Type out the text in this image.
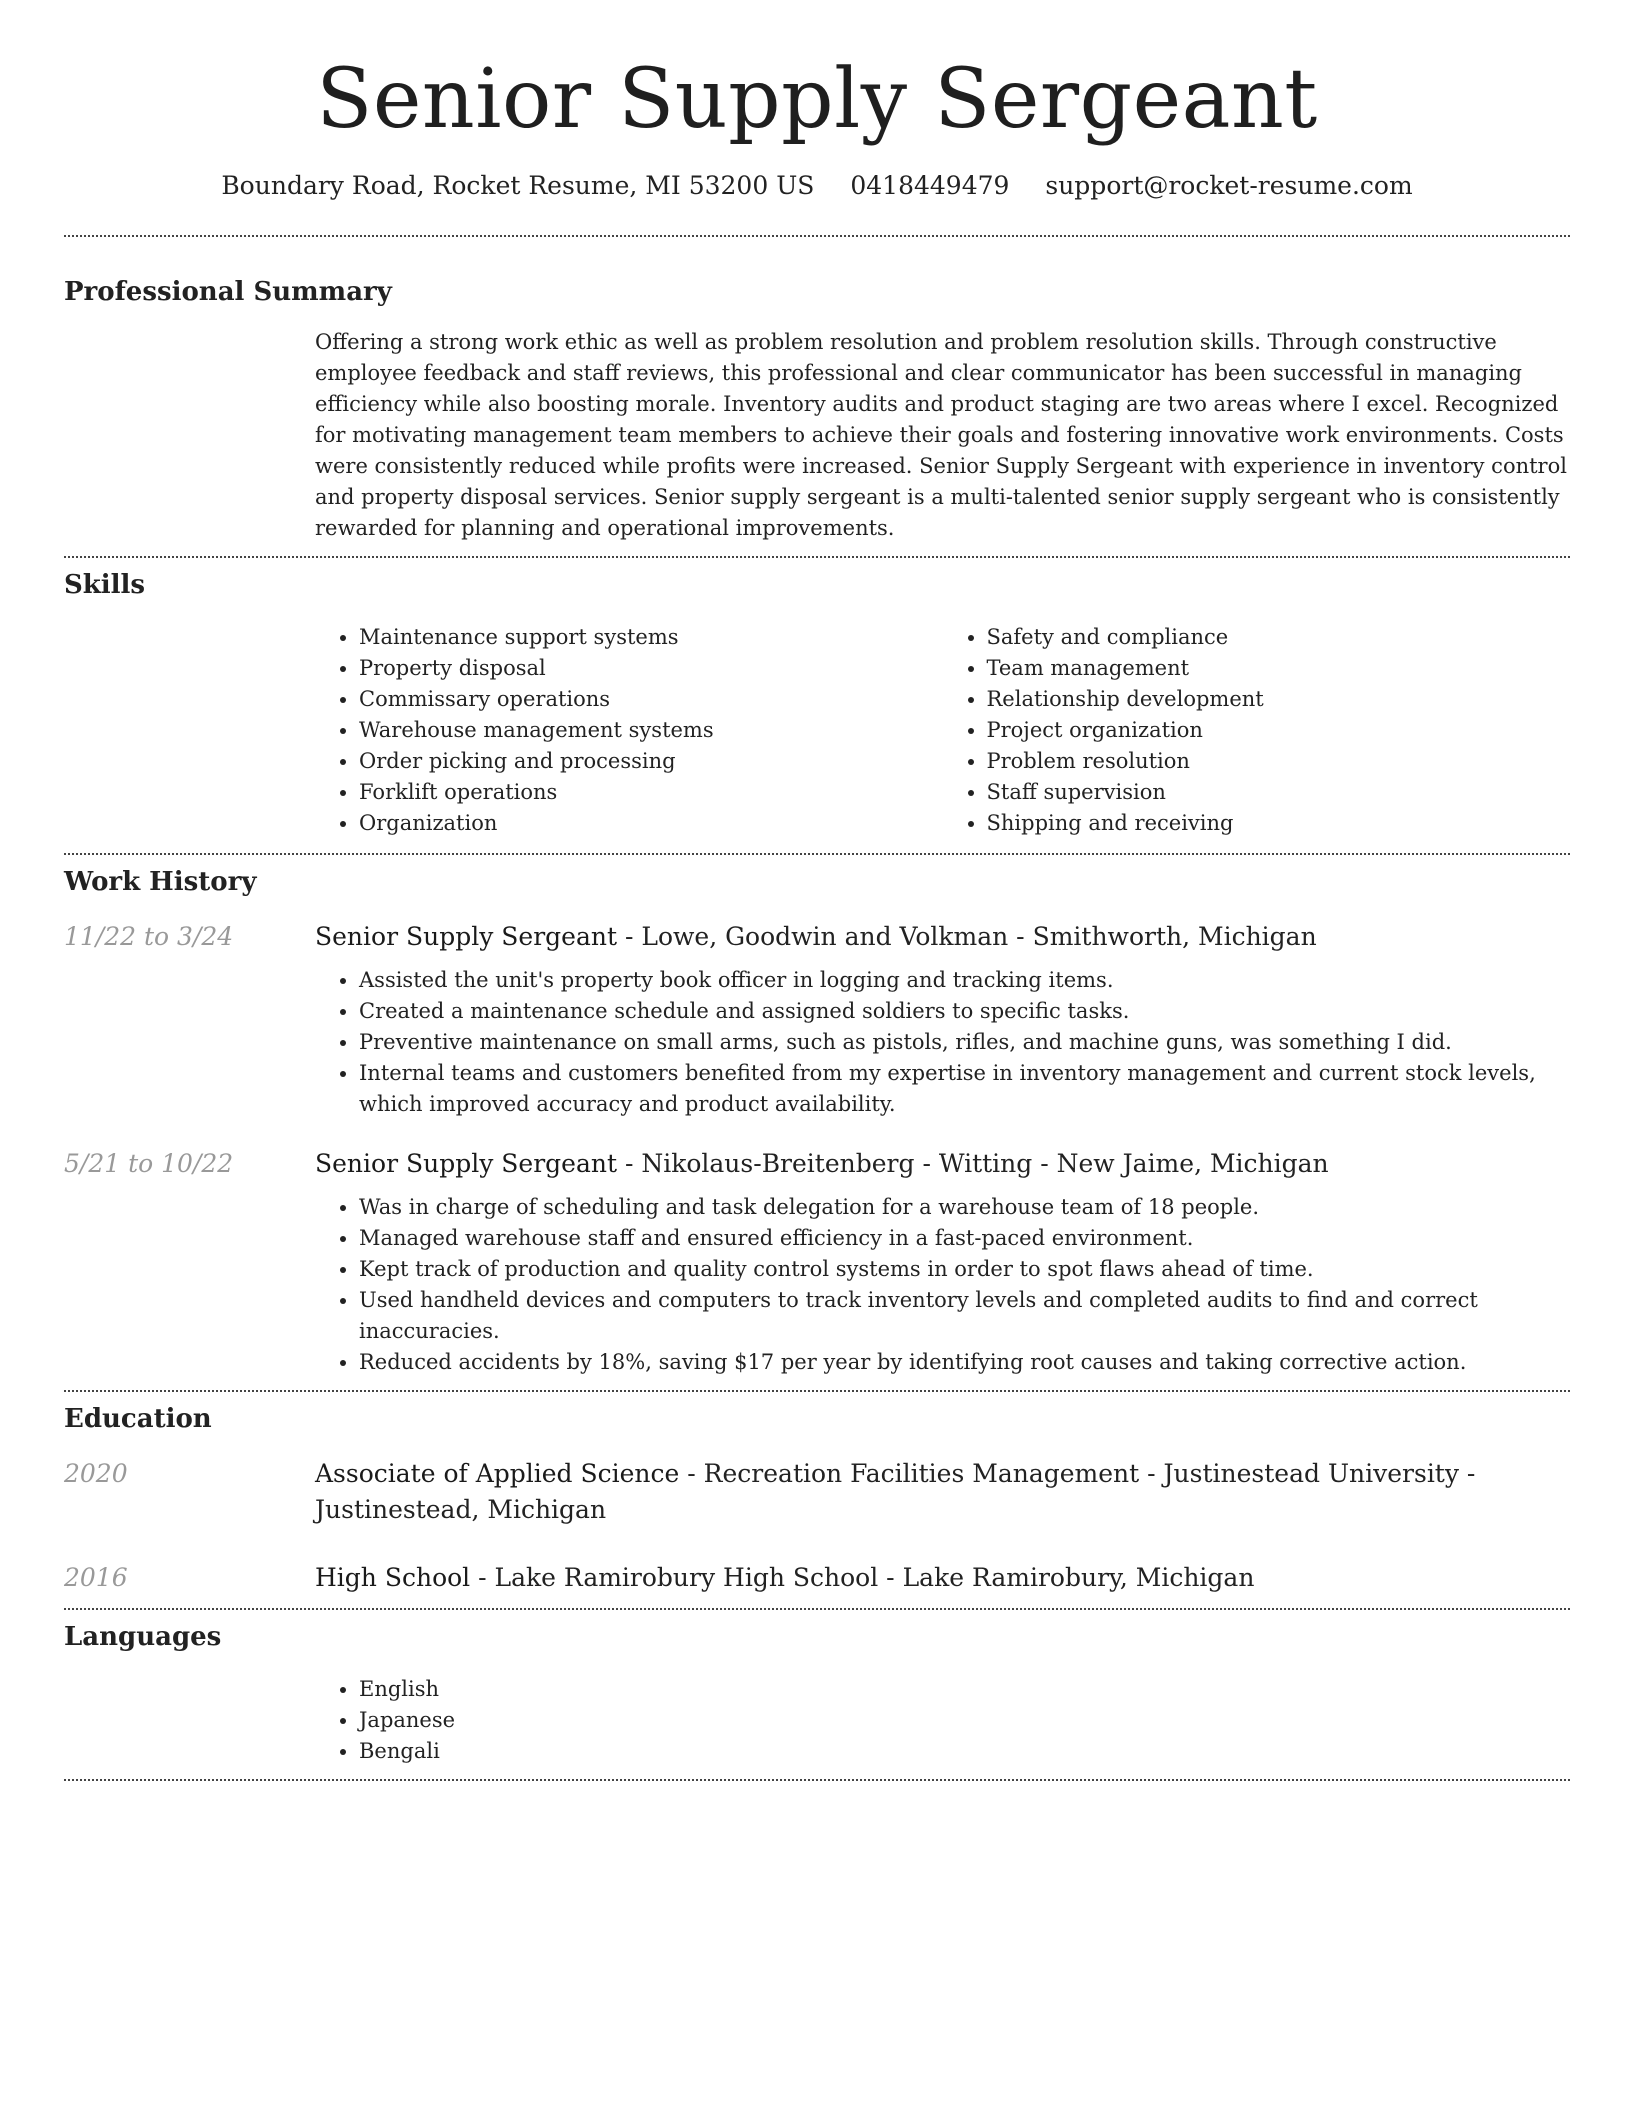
Senior Supply Sergeant
Boundary Road, Rocket Resume, MI 53200 US 0418449479 support@rocket-resume.com
Professional Summary
Offering a strong work ethic as well as problem resolution and problem resolution skills. Through constructive employee feedback and staff reviews, this professional and clear communicator has been successful in managing efficiency while also boosting morale. Inventory audits and product staging are two areas where I excel. Recognized for motivating management team members to achieve their goals and fostering innovative work environments. Costs were consistently reduced while profits were increased. Senior Supply Sergeant with experience in inventory control and property disposal services. Senior supply sergeant is a multi-talented senior supply sergeant who is consistently rewarded for planning and operational improvements.
Skills
• Maintenance support systems
• Property disposal
• Commissary operations
• Warehouse management systems
• Order picking and processing
• Forklift operations
• Organization
• Safety and compliance
• Team management
• Relationship development
• Project organization
• Problem resolution
• Staff supervision
• Shipping and receiving
Work History
11/22 to 3/24	Senior Supply Sergeant - Lowe, Goodwin and Volkman - Smithworth, Michigan
• Assisted the unit's property book officer in logging and tracking items.
• Created a maintenance schedule and assigned soldiers to specific tasks.
• Preventive maintenance on small arms, such as pistols, rifles, and machine guns, was something I did.
• Internal teams and customers benefited from my expertise in inventory management and current stock levels, which improved accuracy and product availability.
5/21 to 10/22	Senior Supply Sergeant - Nikolaus-Breitenberg - Witting - New Jaime, Michigan
• Was in charge of scheduling and task delegation for a warehouse team of 18 people.
• Managed warehouse staff and ensured efficiency in a fast-paced environment.
• Kept track of production and quality control systems in order to spot flaws ahead of time.
• Used handheld devices and computers to track inventory levels and completed audits to find and correct inaccuracies.
• Reduced accidents by 18%, saving $17 per year by identifying root causes and taking corrective action.
Education
2020	Associate of Applied Science - Recreation Facilities Management - Justinestead University - Justinestead, Michigan
2016	High School - Lake Ramirobury High School - Lake Ramirobury, Michigan
Languages
• English
• Japanese
• Bengali
